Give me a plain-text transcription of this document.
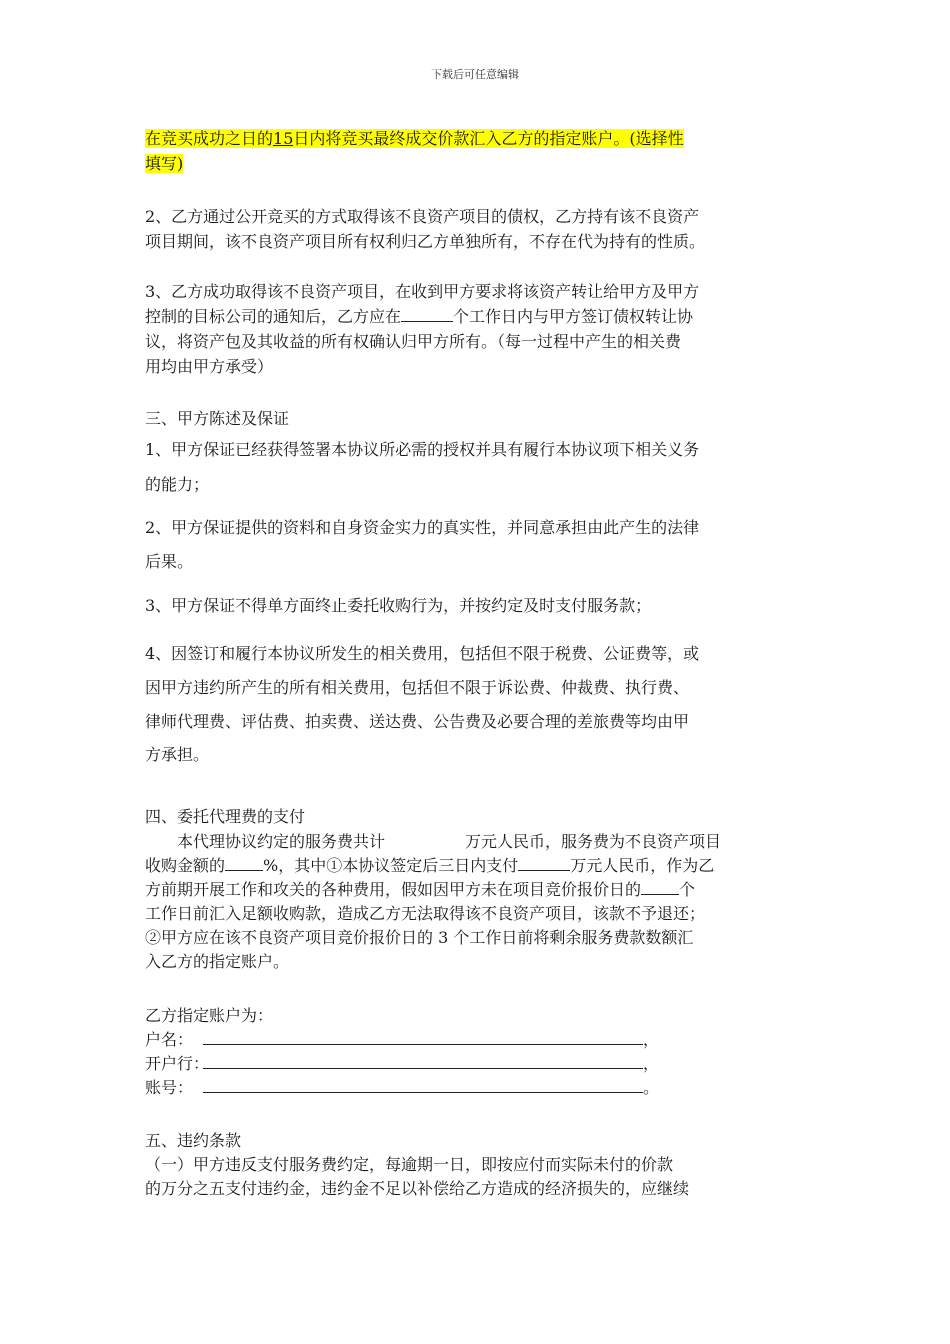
下载后可任意编辑
在竞买成功之日的15日内将竞买最终成交价款汇入乙方的指定账户。(选择性
填写)
2、乙方通过公开竞买的方式取得该不良资产项目的债权，乙方持有该不良资产
项目期间，该不良资产项目所有权利归乙方单独所有，不存在代为持有的性质。
3、乙方成功取得该不良资产项目，在收到甲方要求将该资产转让给甲方及甲方
控制的目标公司的通知后，乙方应在	个工作日内与甲方签订债权转让协
议，将资产包及其收益的所有权确认归甲方所有。（每一过程中产生的相关费
用均由甲方承受）
三、甲方陈述及保证
1、甲方保证已经获得签署本协议所必需的授权并具有履行本协议项下相关义务
的能力；
2、甲方保证提供的资料和自身资金实力的真实性，并同意承担由此产生的法律
后果。
3、甲方保证不得单方面终止委托收购行为，并按约定及时支付服务款；
4、因签订和履行本协议所发生的相关费用，包括但不限于税费、公证费等，或
因甲方违约所产生的所有相关费用，包括但不限于诉讼费、仲裁费、执行费、
律师代理费、评估费、拍卖费、送达费、公告费及必要合理的差旅费等均由甲
方承担。
四、委托代理费的支付
本代理协议约定的服务费共计	万元人民币，服务费为不良资产项目
收购金额的 %，其中①本协议签定后三日内支付	万元人民币，作为乙
方前期开展工作和攻关的各种费用，假如因甲方未在项目竞价报价日的 个
工作日前汇入足额收购款，造成乙方无法取得该不良资产项目，该款不予退还；
②甲方应在该不良资产项目竞价报价日的 3 个工作日前将剩余服务费款数额汇
入乙方的指定账户。
乙方指定账户为：
户名：	，
开户行：	，
账号：	。
五、违约条款
（一）甲方违反支付服务费约定，每逾期一日，即按应付而实际未付的价款
的万分之五支付违约金，违约金不足以补偿给乙方造成的经济损失的，应继续
